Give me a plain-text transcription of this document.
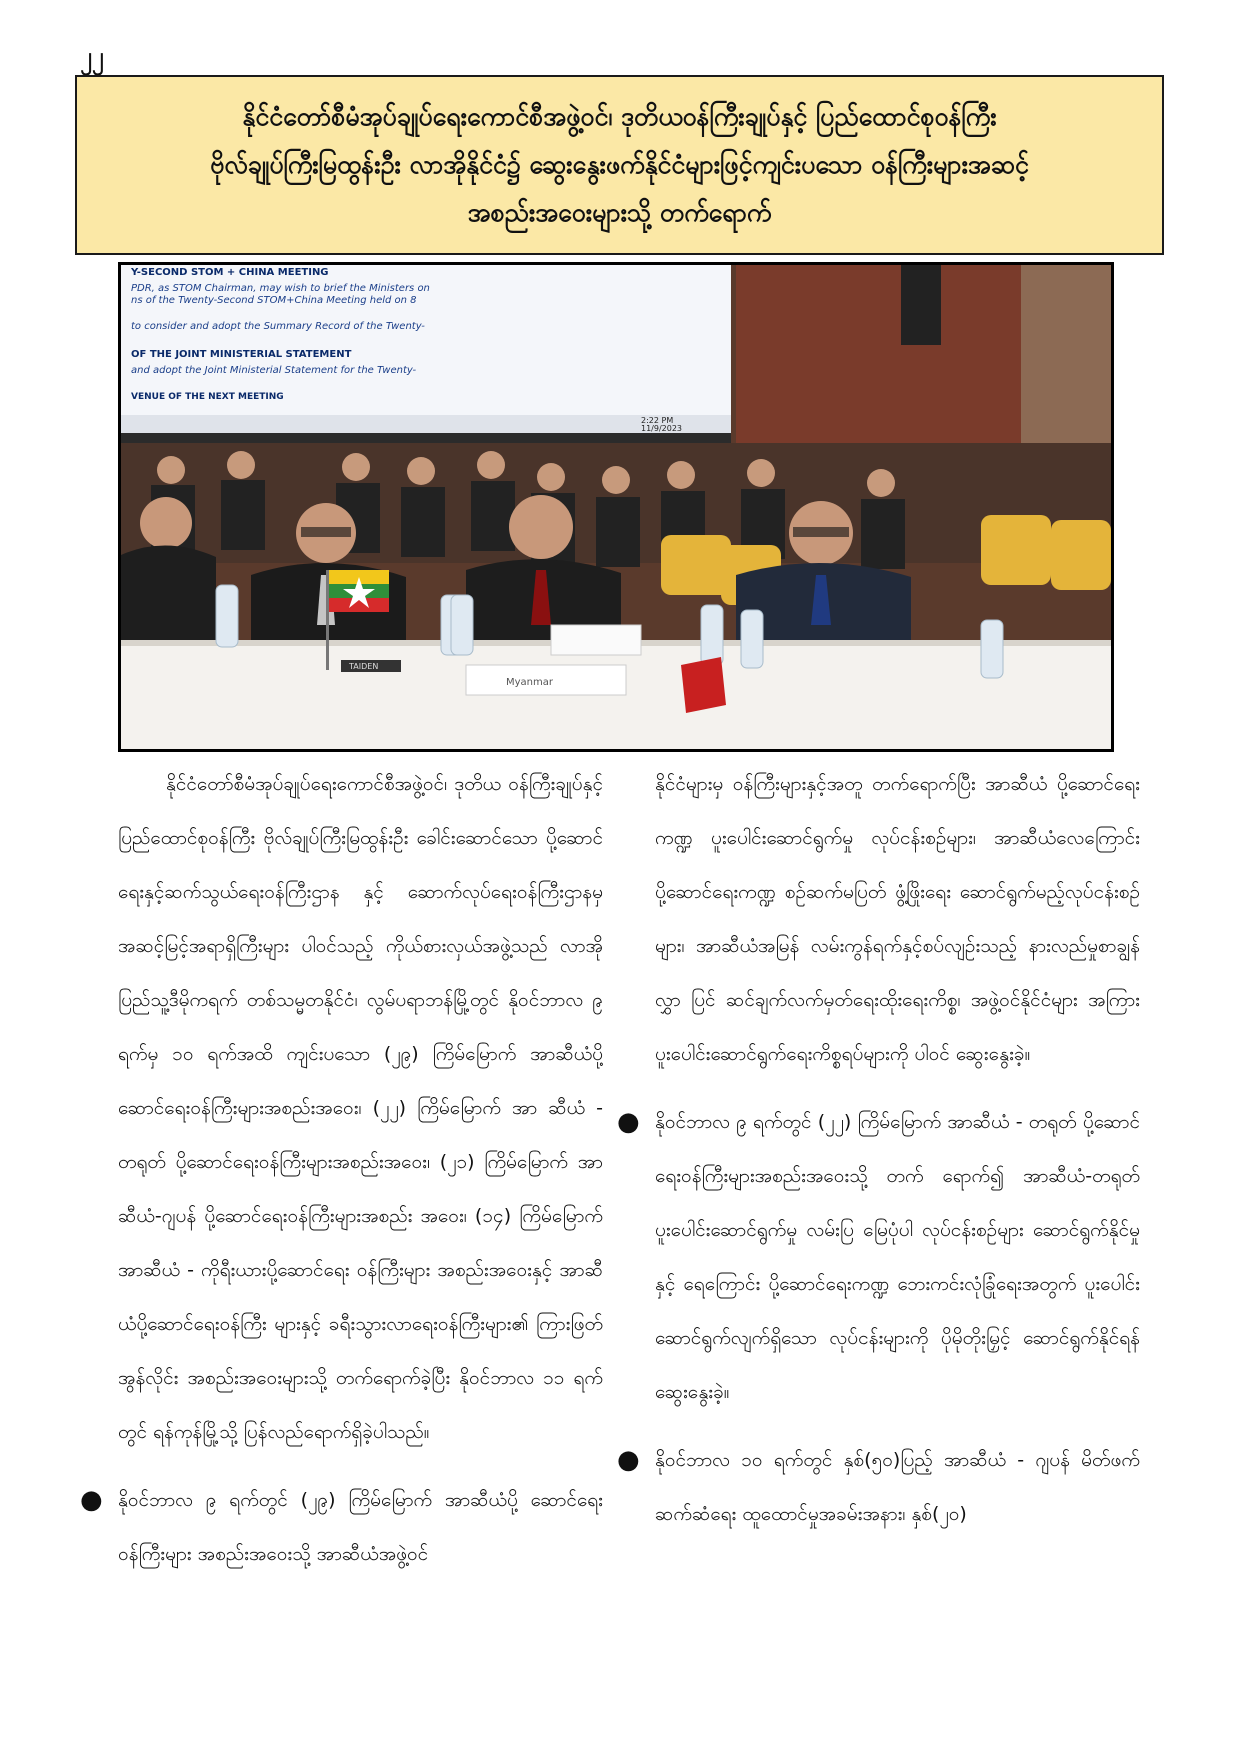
၂၂
နိုင်ငံတော်စီမံအုပ်ချုပ်ရေးကောင်စီအဖွဲ့ဝင်၊ ဒုတိယဝန်ကြီးချုပ်နှင့် ပြည်ထောင်စုဝန်ကြီး
ဗိုလ်ချုပ်ကြီးမြထွန်းဦး လာအိုနိုင်ငံ၌ ဆွေးနွေးဖက်နိုင်ငံများဖြင့်ကျင်းပသော ဝန်ကြီးများအဆင့်
အစည်းအဝေးများသို့ တက်ရောက်
Y-SECOND STOM + CHINA MEETING
PDR, as STOM Chairman, may wish to brief the Ministers on
ns of the Twenty-Second STOM+China Meeting held on 8
to consider and adopt the Summary Record of the Twenty-
OF THE JOINT MINISTERIAL STATEMENT
and adopt the Joint Ministerial Statement for the Twenty-
VENUE OF THE NEXT MEETING
2:22 PM
11/9/2023
TAIDEN
Myanmar

နိုင်ငံတော်စီမံအုပ်ချုပ်ရေးကောင်စီအဖွဲ့ဝင်၊ ဒုတိယ ဝန်ကြီးချုပ်နှင့် ပြည်ထောင်စုဝန်ကြီး ဗိုလ်ချုပ်ကြီးမြထွန်းဦး ခေါင်းဆောင်သော ပို့ဆောင်ရေးနှင့်ဆက်သွယ်ရေးဝန်ကြီးဌာန နှင့် ဆောက်လုပ်ရေးဝန်ကြီးဌာနမှ အဆင့်မြင့်အရာရှိကြီးများ ပါဝင်သည့် ကိုယ်စားလှယ်အဖွဲ့သည် လာအိုပြည်သူ့ဒီမိုကရက် တစ်သမ္မတနိုင်ငံ၊ လွမ်ပရာဘန်မြို့တွင် နိုဝင်ဘာလ ၉ ရက်မှ ၁၀ ရက်အထိ ကျင်းပသော (၂၉) ကြိမ်မြောက် အာဆီယံပို့ ဆောင်ရေးဝန်ကြီးများအစည်းအဝေး၊ (၂၂) ကြိမ်မြောက် အာ ဆီယံ - တရုတ် ပို့ဆောင်ရေးဝန်ကြီးများအစည်းအဝေး၊ (၂၁) ကြိမ်မြောက် အာဆီယံ-ဂျပန် ပို့ဆောင်ရေးဝန်ကြီးများအစည်း အဝေး၊ (၁၄) ကြိမ်မြောက် အာဆီယံ - ကိုရီးယားပို့ဆောင်ရေး ဝန်ကြီးများ အစည်းအဝေးနှင့် အာဆီယံပို့ဆောင်ရေးဝန်ကြီး များနှင့် ခရီးသွားလာရေးဝန်ကြီးများ၏ ကြားဖြတ်အွန်လိုင်း အစည်းအဝေးများသို့ တက်ရောက်ခဲ့ပြီး နိုဝင်ဘာလ ၁၁ ရက် တွင် ရန်ကုန်မြို့သို့ ပြန်လည်ရောက်ရှိခဲ့ပါသည်။

● နိုဝင်ဘာလ ၉ ရက်တွင် (၂၉) ကြိမ်မြောက် အာဆီယံပို့ ဆောင်ရေးဝန်ကြီးများ အစည်းအဝေးသို့ အာဆီယံအဖွဲ့ဝင်

နိုင်ငံများမှ ဝန်ကြီးများနှင့်အတူ တက်ရောက်ပြီး အာဆီယံ ပို့ဆောင်ရေးကဏ္ဍ ပူးပေါင်းဆောင်ရွက်မှု လုပ်ငန်းစဉ်များ၊ အာဆီယံလေကြောင်းပို့ဆောင်ရေးကဏ္ဍ စဉ်ဆက်မပြတ် ဖွံ့ဖြိုးရေး ဆောင်ရွက်မည့်လုပ်ငန်းစဉ်များ၊ အာဆီယံအမြန် လမ်းကွန်ရက်နှင့်စပ်လျဉ်းသည့် နားလည်မှုစာချွန်လွှာ ပြင် ဆင်ချက်လက်မှတ်ရေးထိုးရေးကိစ္စ၊ အဖွဲ့ဝင်နိုင်ငံများ အကြား ပူးပေါင်းဆောင်ရွက်ရေးကိစ္စရပ်များကို ပါဝင် ဆွေးနွေးခဲ့။

● နိုဝင်ဘာလ ၉ ရက်တွင် (၂၂) ကြိမ်မြောက် အာဆီယံ - တရုတ် ပို့ဆောင်ရေးဝန်ကြီးများအစည်းအဝေးသို့ တက် ရောက်၍ အာဆီယံ-တရုတ်ပူးပေါင်းဆောင်ရွက်မှု လမ်းပြ မြေပုံပါ လုပ်ငန်းစဉ်များ ဆောင်ရွက်နိုင်မှုနှင့် ရေကြောင်း ပို့ဆောင်ရေးကဏ္ဍ ဘေးကင်းလုံခြုံရေးအတွက် ပူးပေါင်း ဆောင်ရွက်လျက်ရှိသော လုပ်ငန်းများကို ပိုမိုတိုးမြှင့် ဆောင်ရွက်နိုင်ရန် ဆွေးနွေးခဲ့။
● နိုဝင်ဘာလ ၁၀ ရက်တွင် နှစ်(၅၀)ပြည့် အာဆီယံ - ဂျပန် မိတ်ဖက်ဆက်ဆံရေး ထူထောင်မှုအခမ်းအနား၊ နှစ်(၂၀)
